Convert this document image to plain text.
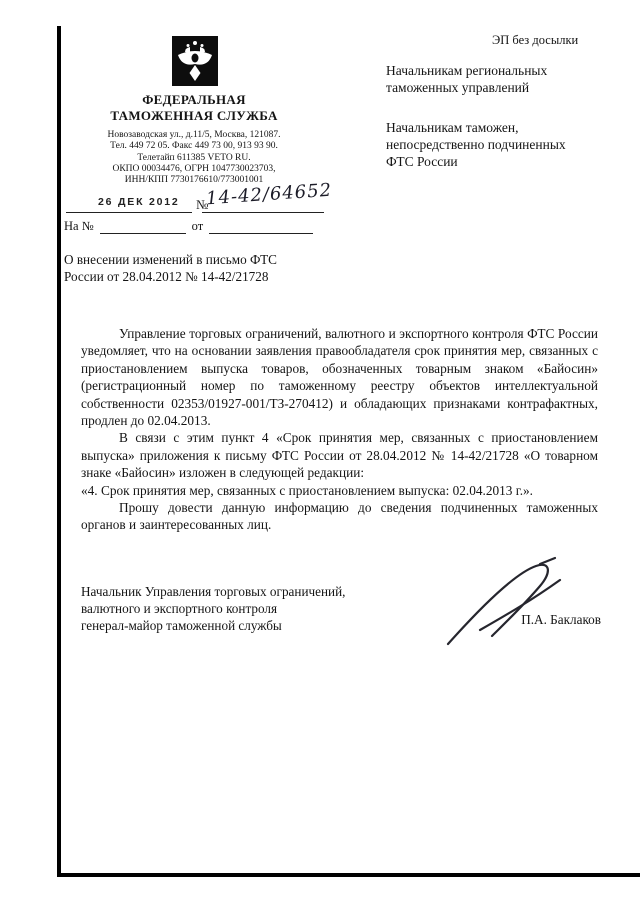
ЭП без досылки
ФЕДЕРАЛЬНАЯ
ТАМОЖЕННАЯ СЛУЖБА
Новозаводская ул., д.11/5, Москва, 121087.
Тел. 449 72 05. Факс 449 73 00, 913 93 90.
Телетайп 611385 VETO RU.
ОКПО 00034476, ОГРН 1047730023703,
ИНН/КПП 7730176610/773001001
26 ДЕК 2012 №
14-42/64652
На №	от
Начальникам региональных
таможенных управлений
Начальникам таможен,
непосредственно подчиненных
ФТС России
О внесении изменений в письмо ФТС
России от 28.04.2012 № 14-42/21728

Управление торговых ограничений, валютного и экспортного контроля ФТС России уведомляет, что на основании заявления правообладателя срок принятия мер, связанных с приостановлением выпуска товаров, обозначенных товарным знаком «Байосин» (регистрационный номер по таможенному реестру объектов интеллектуальной собственности 02353/01927-001/ТЗ-270412) и обладающих признаками контрафактных, продлен до 02.04.2013.

В связи с этим пункт 4 «Срок принятия мер, связанных с приостановлением выпуска» приложения к письму ФТС России от 28.04.2012 № 14-42/21728 «О товарном знаке «Байосин» изложен в следующей редакции:

«4. Срок принятия мер, связанных с приостановлением выпуска: 02.04.2013 г.».

Прошу довести данную информацию до сведения подчиненных таможенных органов и заинтересованных лиц.

Начальник Управления торговых ограничений,
валютного и экспортного контроля
генерал-майор таможенной службы	П.А. Баклаков
